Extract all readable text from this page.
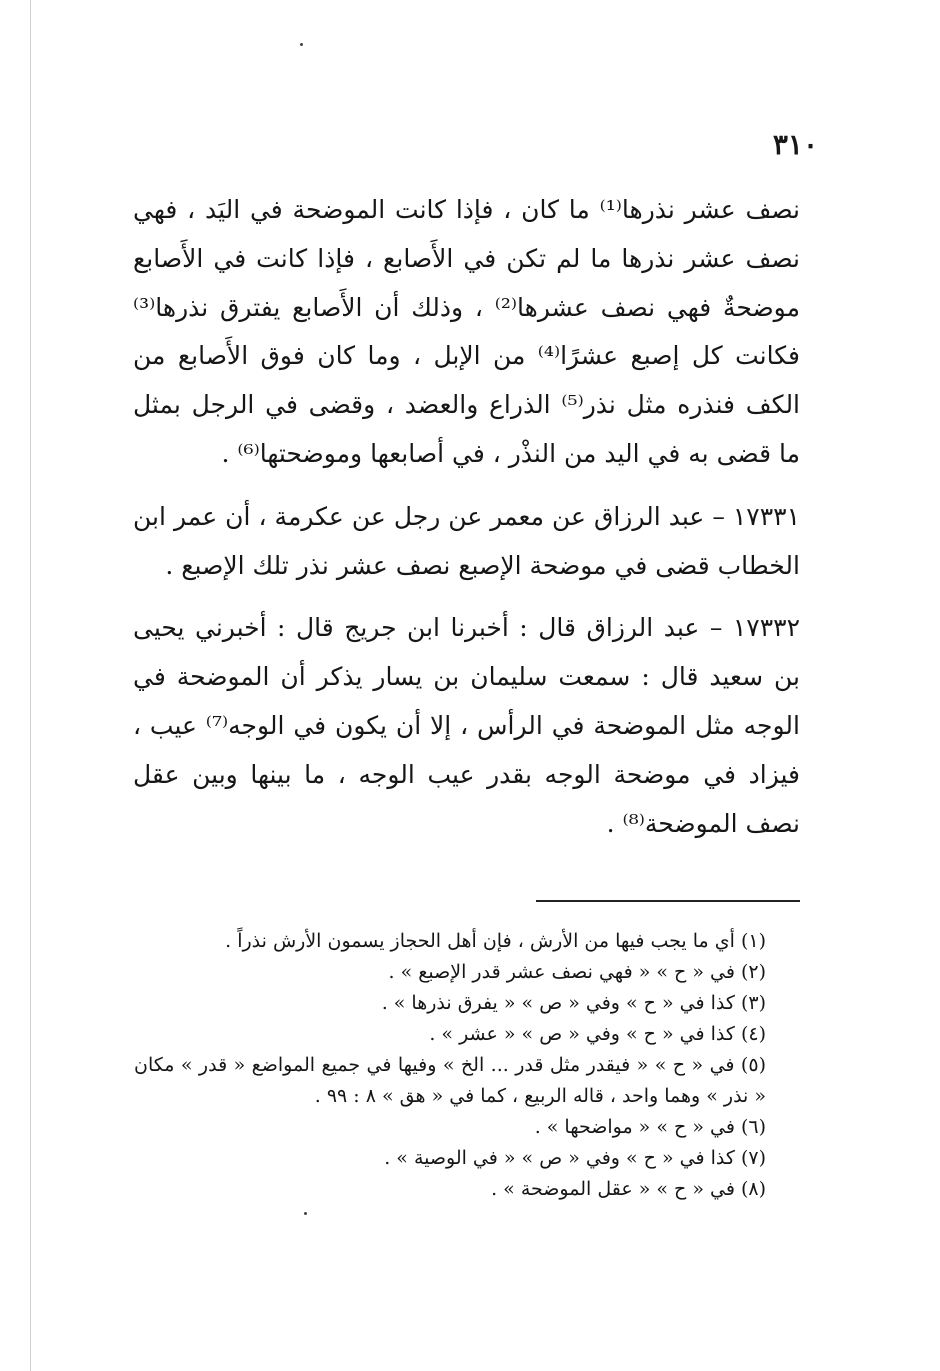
٣١٠

نصف عشر نذرها⁽¹⁾ ما كان ، فإذا كانت الموضحة في اليَد ، فهي نصف عشر نذرها ما لم تكن في الأَصابع ، فإذا كانت في الأَصابع موضحةٌ فهي نصف عشرها⁽²⁾ ، وذلك أن الأَصابع يفترق نذرها⁽³⁾ فكانت كل إصبع عشرًا⁽⁴⁾ من الإبل ، وما كان فوق الأَصابع من الكف فنذره مثل نذر⁽⁵⁾ الذراع والعضد ، وقضى في الرجل بمثل ما قضى به في اليد من النذْر ، في أصابعها وموضحتها⁽⁶⁾ .

١٧٣٣١ – عبد الرزاق عن معمر عن رجل عن عكرمة ، أن عمر ابن الخطاب قضى في موضحة الإصبع نصف عشر نذر تلك الإصبع .

١٧٣٣٢ – عبد الرزاق قال : أخبرنا ابن جريج قال : أخبرني يحيى بن سعيد قال : سمعت سليمان بن يسار يذكر أن الموضحة في الوجه مثل الموضحة في الرأس ، إلا أن يكون في الوجه⁽⁷⁾ عيب ، فيزاد في موضحة الوجه بقدر عيب الوجه ، ما بينها وبين عقل نصف الموضحة⁽⁸⁾ .

(١) أي ما يجب فيها من الأرش ، فإن أهل الحجاز يسمون الأرش نذراً .

(٢) في « ح » « فهي نصف عشر قدر الإصبع » .

(٣) كذا في « ح » وفي « ص » « يفرق نذرها » .

(٤) كذا في « ح » وفي « ص » « عشر » .

(٥) في « ح » « فيقدر مثل قدر ... الخ » وفيها في جميع المواضع « قدر » مكان « نذر » وهما واحد ، قاله الربيع ، كما في « هق » ٨ : ٩٩ .

(٦) في « ح » « مواضحها » .

(٧) كذا في « ح » وفي « ص » « في الوصية » .

(٨) في « ح » « عقل الموضحة » .
